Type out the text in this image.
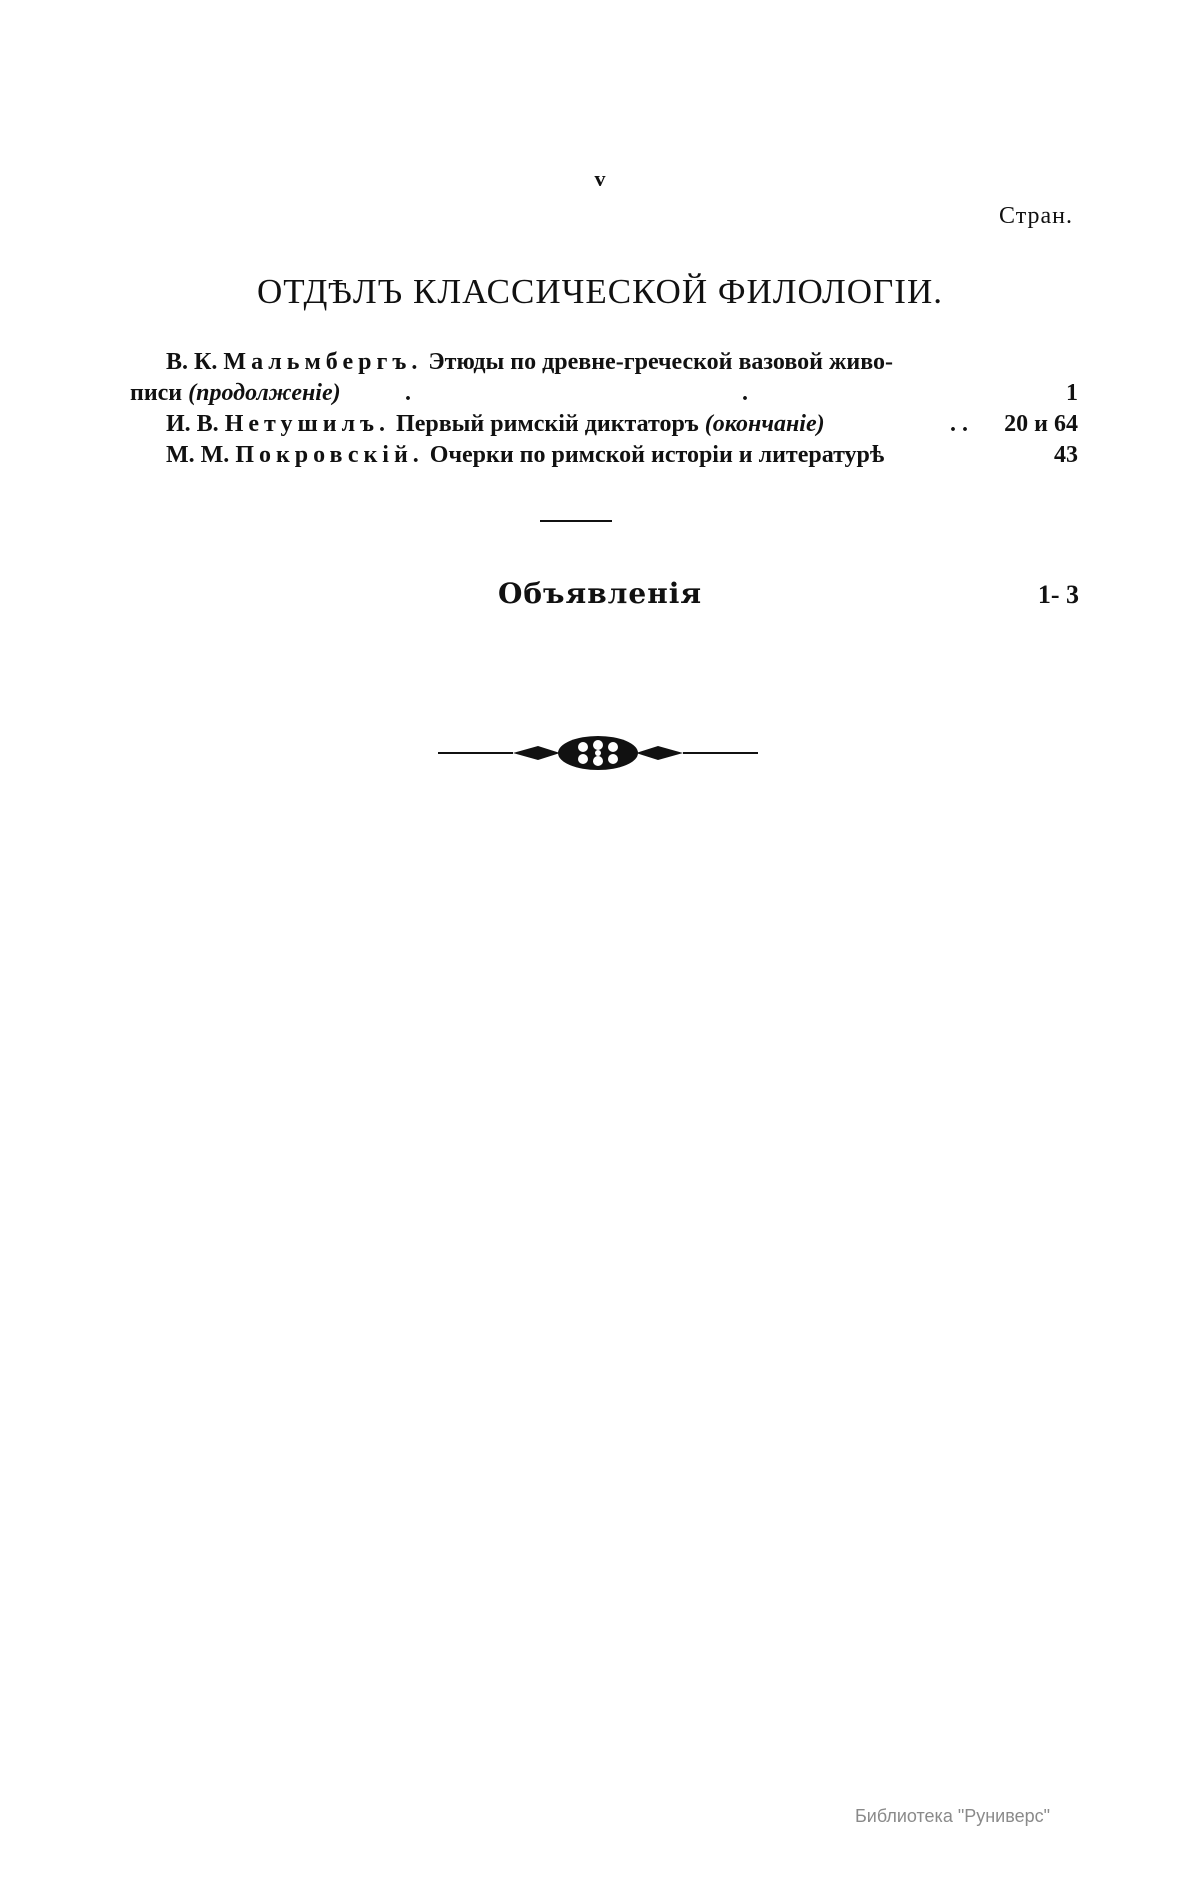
v
Стран.
ОТДѢЛЪ КЛАССИЧЕСКОЙ ФИЛОЛОГІИ.
В. К. Мальмбергъ. Этюды по древне-греческой вазовой живо-
писи (продолженіе)	.	.	1
И. В. Нетушилъ. Первый римскій диктаторъ (окончаніе)	. . 20 и 64
М. М. Покровскій. Очерки по римской исторіи и литературѣ	43
Объявленія	1- 3
Библиотека "Руниверс"
